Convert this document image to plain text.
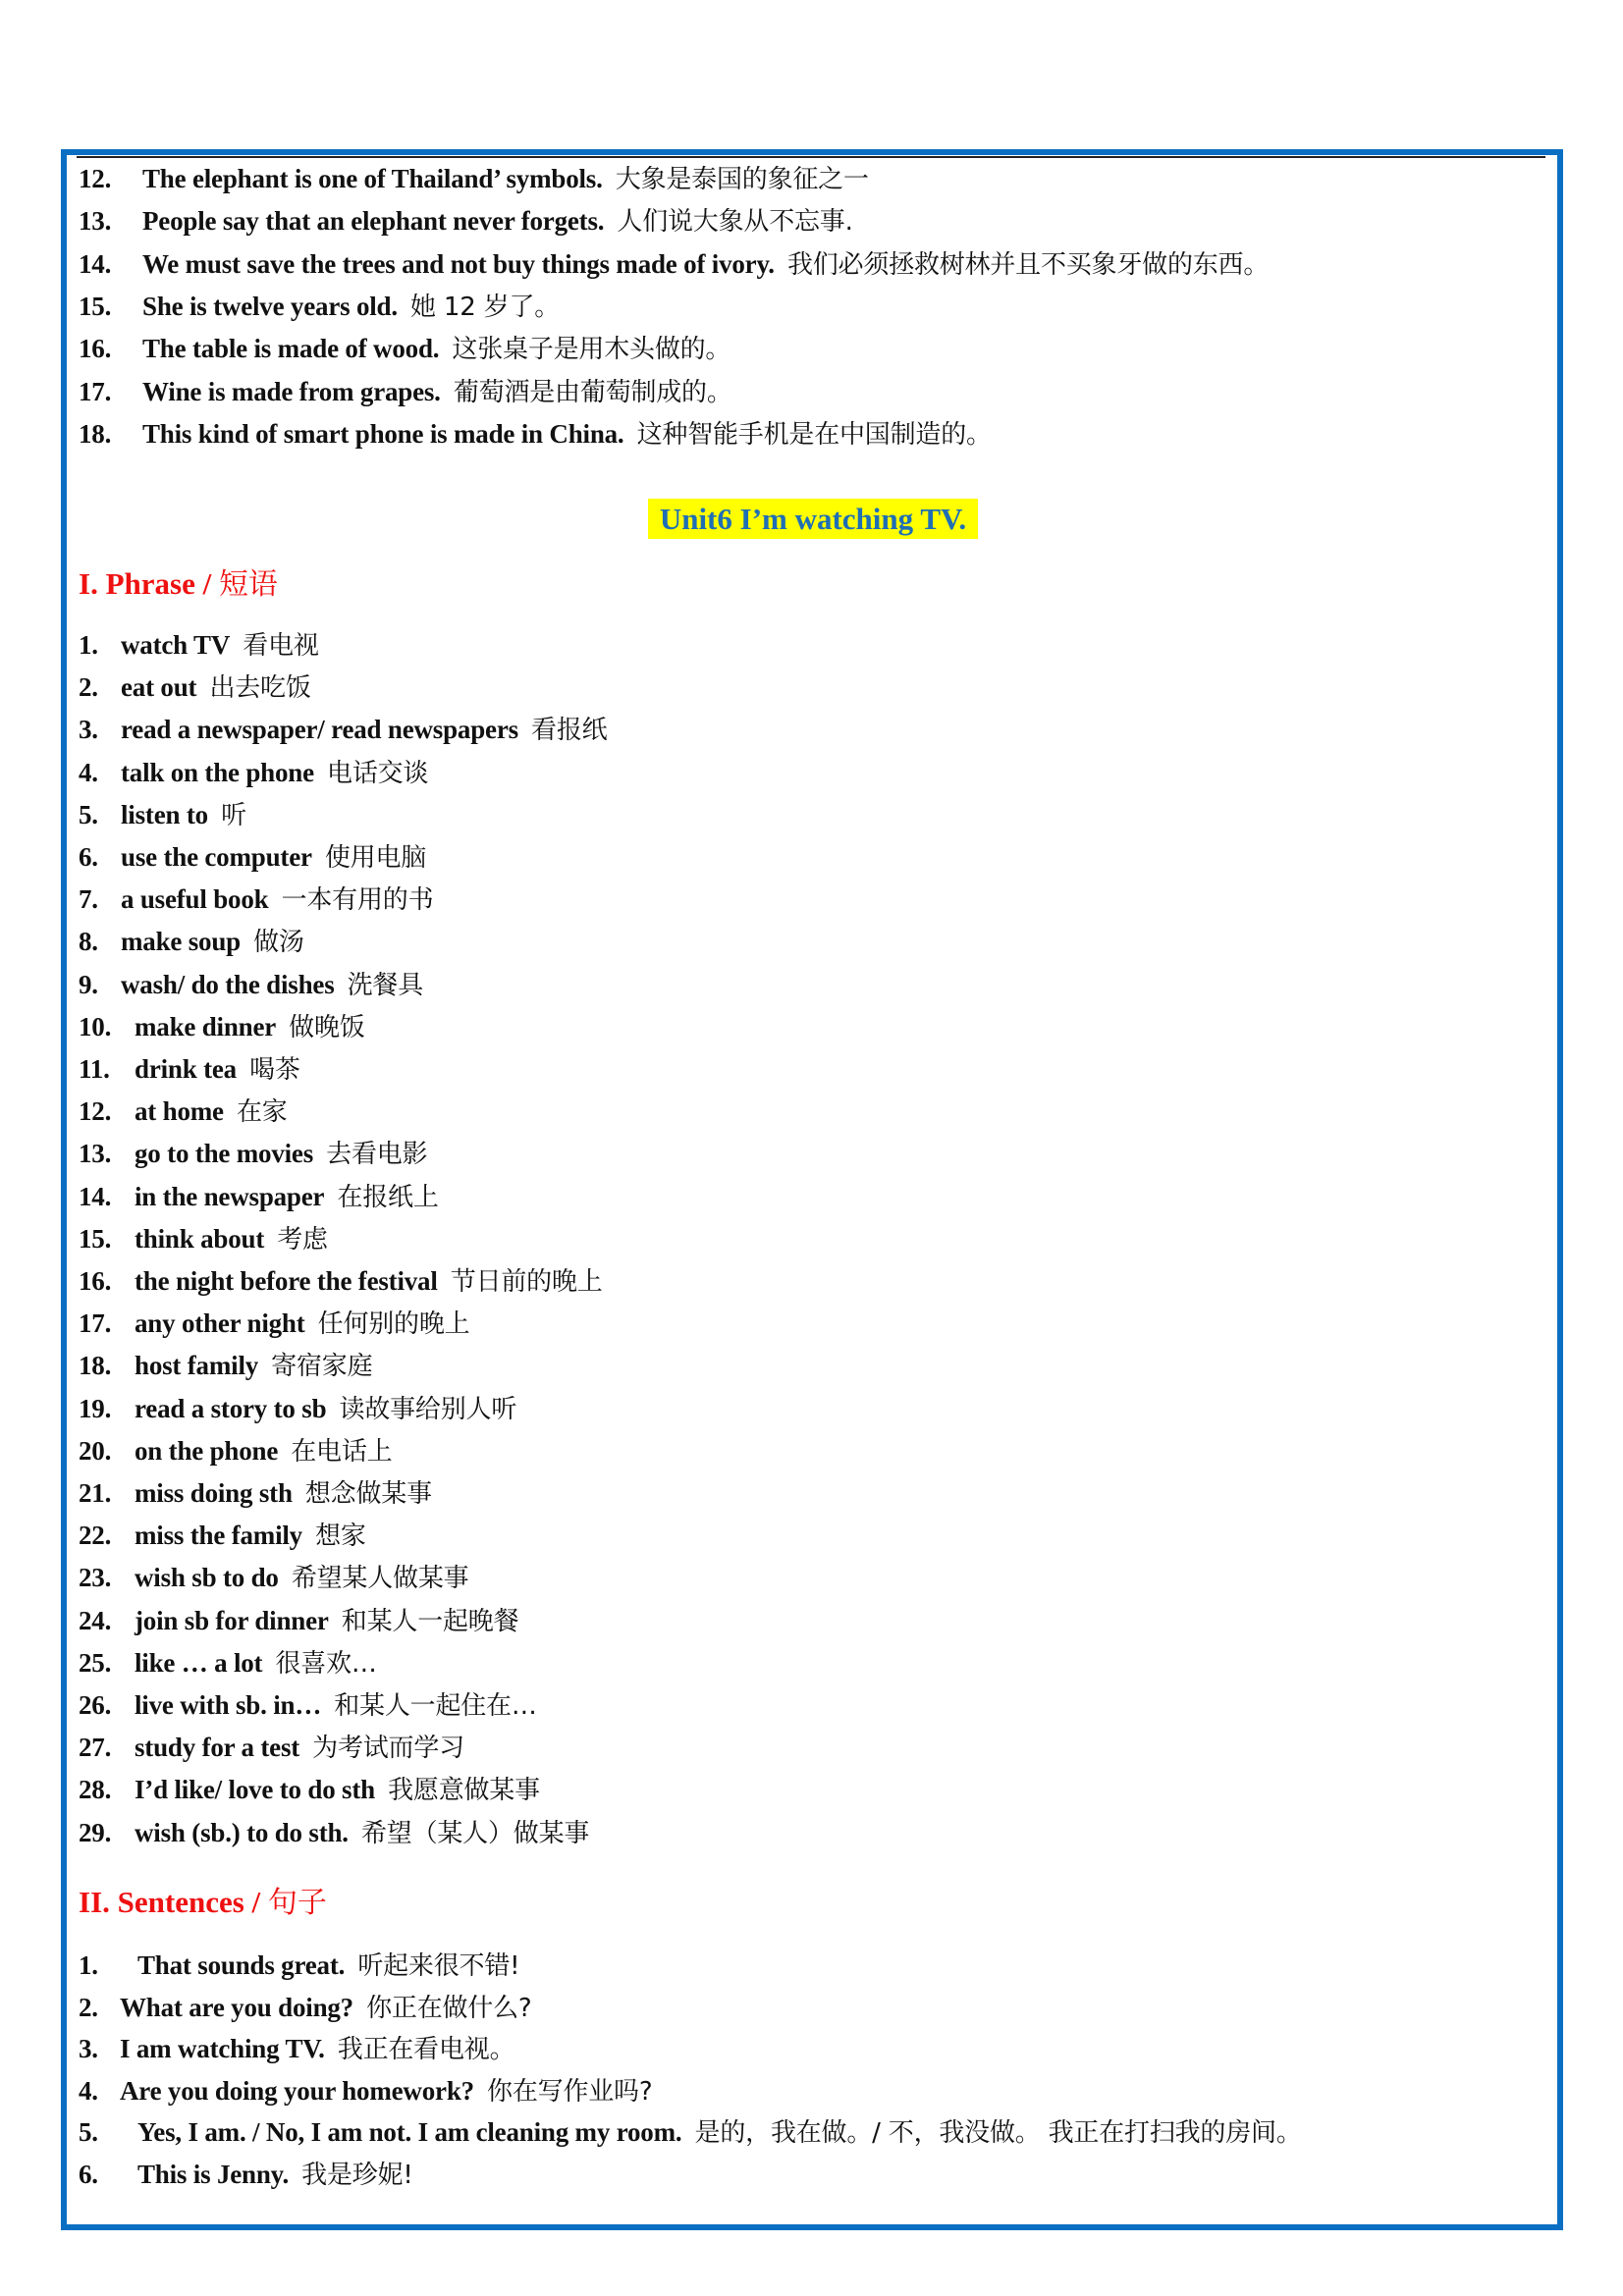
12. The elephant is one of Thailand’ symbols. 大象是泰国的象征之一
13. People say that an elephant never forgets. 人们说大象从不忘事.
14. We must save the trees and not buy things made of ivory. 我们必须拯救树林并且不买象牙做的东西。
15. She is twelve years old. 她 12 岁了。
16. The table is made of wood. 这张桌子是用木头做的。
17. Wine is made from grapes. 葡萄酒是由葡萄制成的。
18. This kind of smart phone is made in China. 这种智能手机是在中国制造的。
Unit6 I’m watching TV.
I. Phrase / 短语
1. watch TV 看电视
2. eat out 出去吃饭
3. read a newspaper/ read newspapers 看报纸
4. talk on the phone 电话交谈
5. listen to 听
6. use the computer 使用电脑
7. a useful book 一本有用的书
8. make soup 做汤
9. wash/ do the dishes 洗餐具
10. make dinner 做晚饭
11. drink tea 喝茶
12. at home 在家
13. go to the movies 去看电影
14. in the newspaper 在报纸上
15. think about 考虑
16. the night before the festival 节日前的晚上
17. any other night 任何别的晚上
18. host family 寄宿家庭
19. read a story to sb 读故事给别人听
20. on the phone 在电话上
21. miss doing sth 想念做某事
22. miss the family 想家
23. wish sb to do 希望某人做某事
24. join sb for dinner 和某人一起晚餐
25. like … a lot 很喜欢…
26. live with sb. in… 和某人一起住在…
27. study for a test 为考试而学习
28. I’d like/ love to do sth 我愿意做某事
29. wish (sb.) to do sth. 希望（某人）做某事
II. Sentences / 句子
1. That sounds great. 听起来很不错!
2. What are you doing? 你正在做什么?
3. I am watching TV. 我正在看电视。
4. Are you doing your homework? 你在写作业吗?
5. Yes, I am. / No, I am not. I am cleaning my room. 是的，我在做。/ 不，我没做。 我正在打扫我的房间。
6. This is Jenny. 我是珍妮!
